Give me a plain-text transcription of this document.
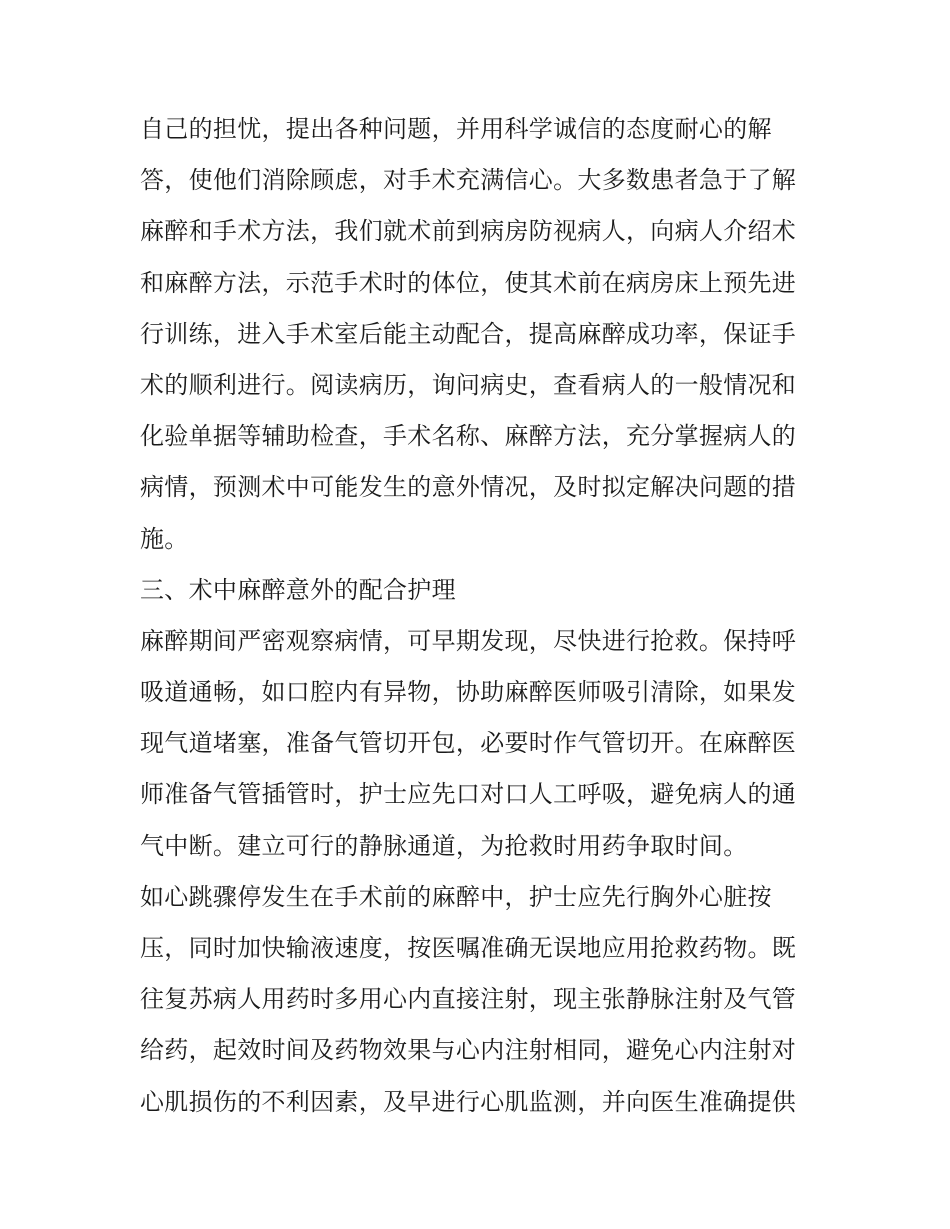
自己的担忧，提出各种问题，并用科学诚信的态度耐心的解
答，使他们消除顾虑，对手术充满信心。大多数患者急于了解
麻醉和手术方法，我们就术前到病房防视病人，向病人介绍术
和麻醉方法，示范手术时的体位，使其术前在病房床上预先进
行训练，进入手术室后能主动配合，提高麻醉成功率，保证手
术的顺利进行。阅读病历，询问病史，查看病人的一般情况和
化验单据等辅助检查，手术名称、麻醉方法，充分掌握病人的
病情，预测术中可能发生的意外情况，及时拟定解决问题的措
施。
三、术中麻醉意外的配合护理
麻醉期间严密观察病情，可早期发现，尽快进行抢救。保持呼
吸道通畅，如口腔内有异物，协助麻醉医师吸引清除，如果发
现气道堵塞，准备气管切开包，必要时作气管切开。在麻醉医
师准备气管插管时，护士应先口对口人工呼吸，避免病人的通
气中断。建立可行的静脉通道，为抢救时用药争取时间。
如心跳骤停发生在手术前的麻醉中，护士应先行胸外心脏按
压，同时加快输液速度，按医嘱准确无误地应用抢救药物。既
往复苏病人用药时多用心内直接注射，现主张静脉注射及气管
给药，起效时间及药物效果与心内注射相同，避免心内注射对
心肌损伤的不利因素，及早进行心肌监测，并向医生准确提供
